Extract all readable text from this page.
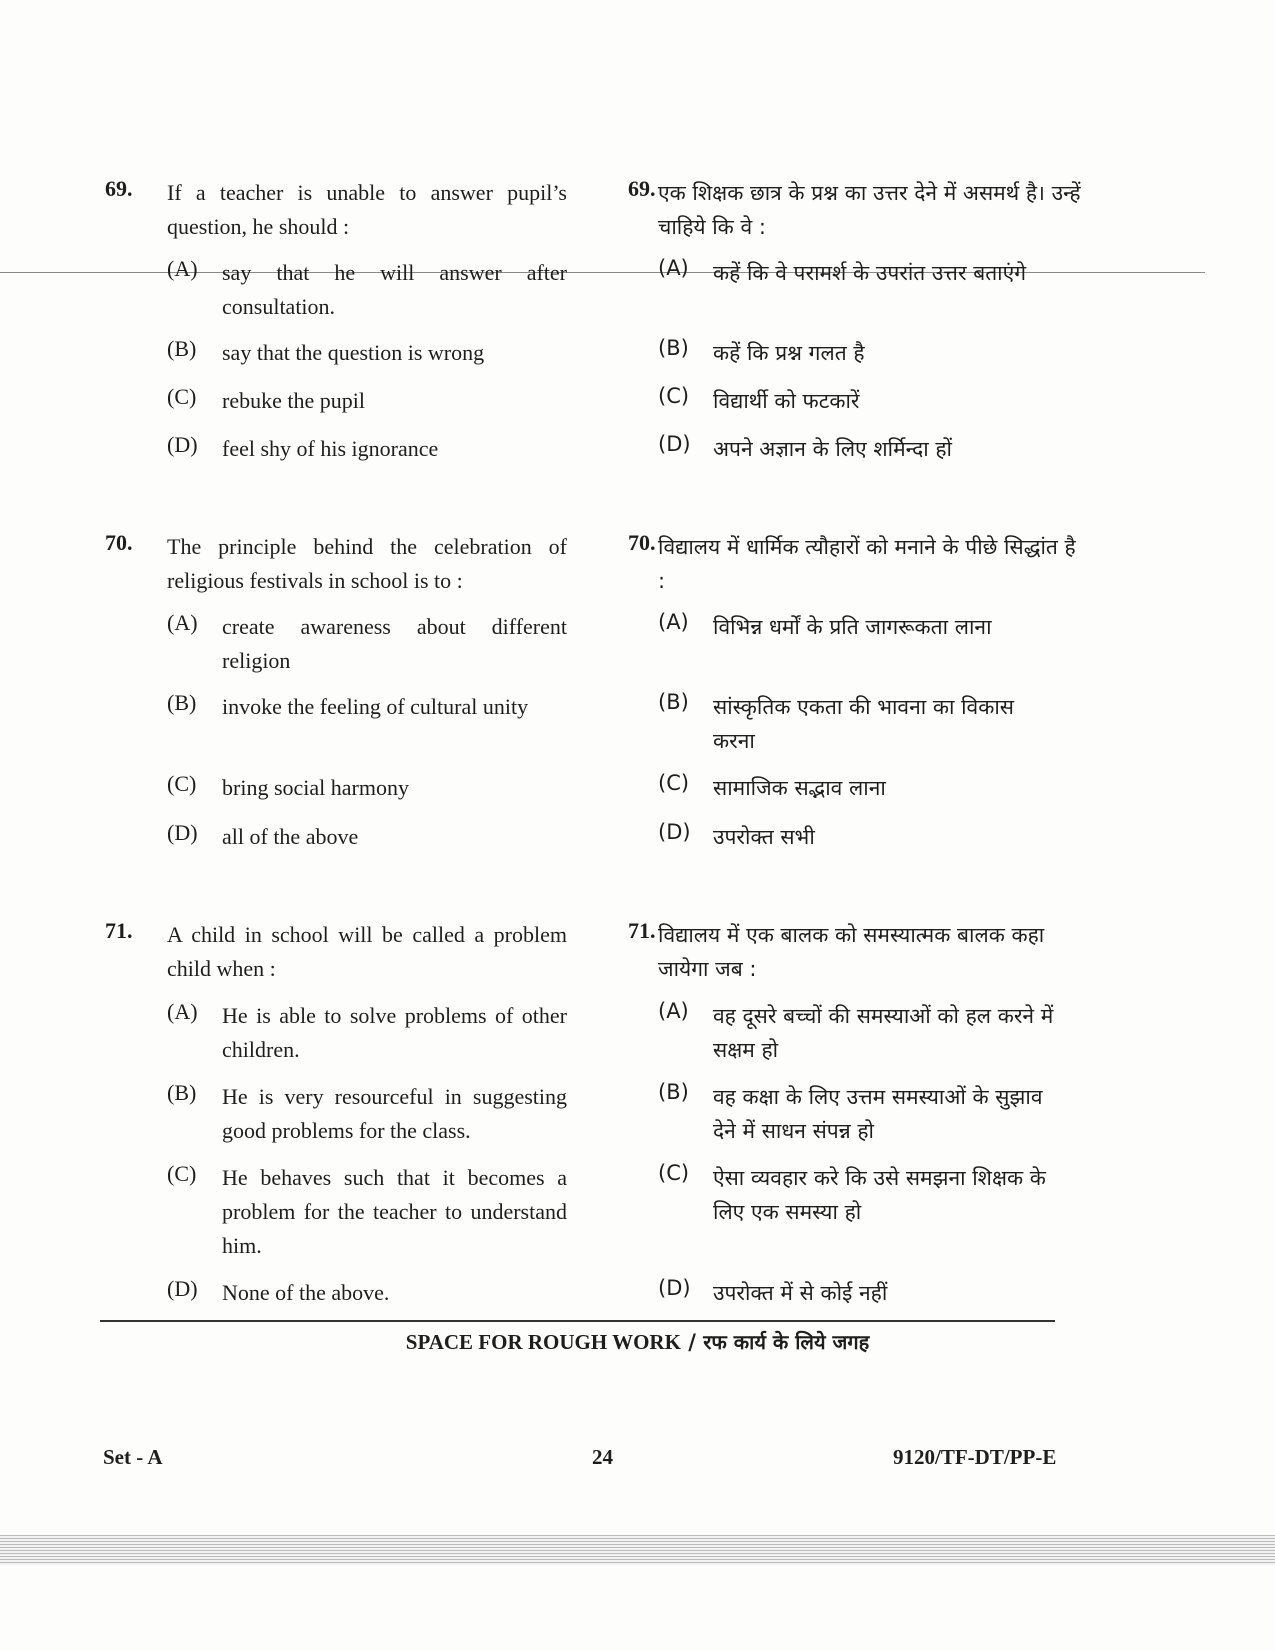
69. If a teacher is unable to answer pupil’s question, he should :
(A) say that he will answer after consultation.
(B) say that the question is wrong
(C) rebuke the pupil
(D) feel shy of his ignorance
70. The principle behind the celebration of religious festivals in school is to :
(A) create awareness about different religion
(B) invoke the feeling of cultural unity
(C) bring social harmony
(D) all of the above
71. A child in school will be called a problem child when :
(A) He is able to solve problems of other children.
(B) He is very resourceful in suggesting good problems for the class.
(C) He behaves such that it becomes a problem for the teacher to understand him.
(D) None of the above.
69. एक शिक्षक छात्र के प्रश्न का उत्तर देने में असमर्थ है। उन्हें चाहिये कि वे :
(A) कहें कि वे परामर्श के उपरांत उत्तर बताएंगे
(B) कहें कि प्रश्न गलत है
(C) विद्यार्थी को फटकारें
(D) अपने अज्ञान के लिए शर्मिन्दा हों
70. विद्यालय में धार्मिक त्यौहारों को मनाने के पीछे सिद्धांत है :
(A) विभिन्न धर्मों के प्रति जागरूकता लाना
(B) सांस्कृतिक एकता की भावना का विकास करना
(C) सामाजिक सद्भाव लाना
(D) उपरोक्त सभी
71. विद्यालय में एक बालक को समस्यात्मक बालक कहा जायेगा जब :
(A) वह दूसरे बच्चों की समस्याओं को हल करने में सक्षम हो
(B) वह कक्षा के लिए उत्तम समस्याओं के सुझाव देने में साधन संपन्न हो
(C) ऐसा व्यवहार करे कि उसे समझना शिक्षक के लिए एक समस्या हो
(D) उपरोक्त में से कोई नहीं
SPACE FOR ROUGH WORK / रफ कार्य के लिये जगह
Set - A	24	9120/TF-DT/PP-E
